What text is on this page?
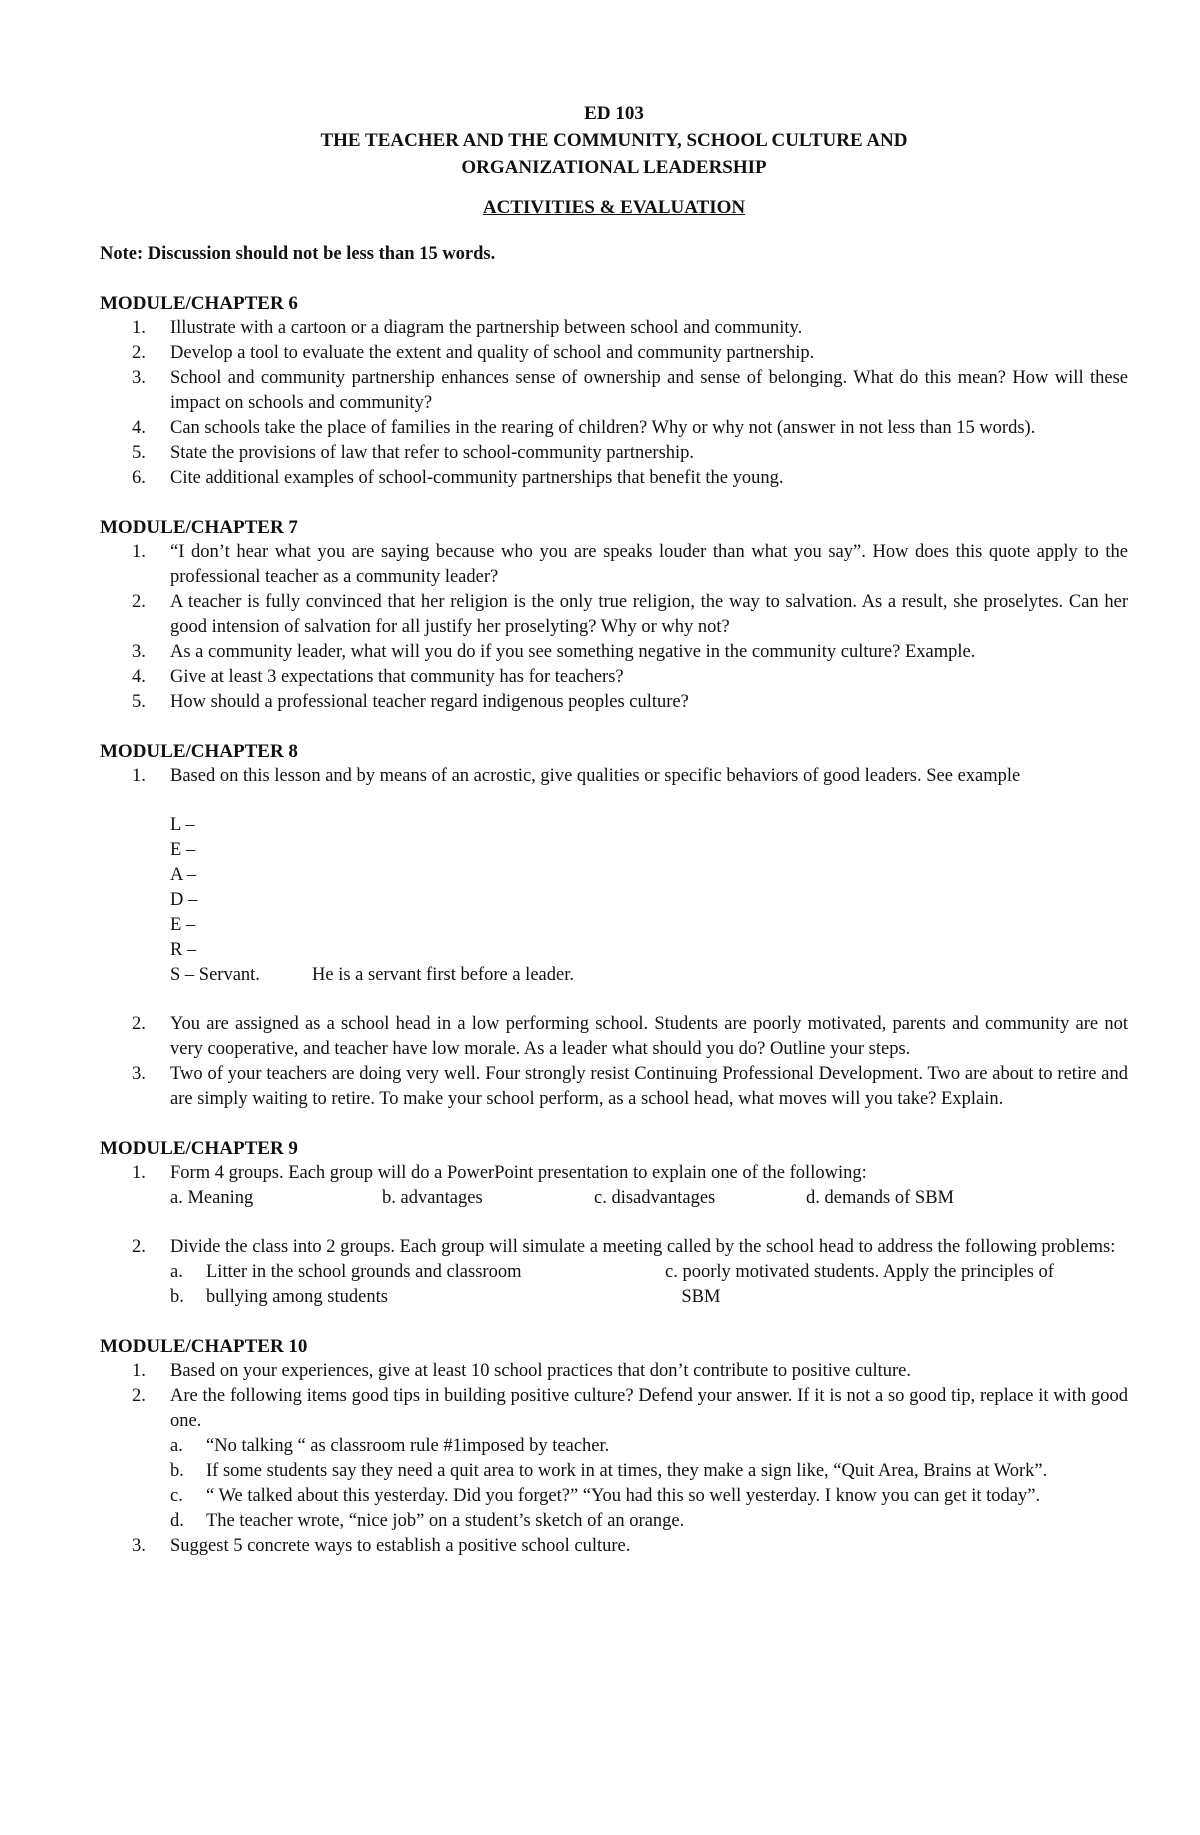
ED 103
THE TEACHER AND THE COMMUNITY, SCHOOL CULTURE AND
ORGANIZATIONAL LEADERSHIP
ACTIVITIES & EVALUATION
Note: Discussion should not be less than 15 words.
MODULE/CHAPTER 6
1.	Illustrate with a cartoon or a diagram the partnership between school and community.
2.	Develop a tool to evaluate the extent and quality of school and community partnership.
3.	School and community partnership enhances sense of ownership and sense of belonging. What do this mean? How will these impact on schools and community?
4.	Can schools take the place of families in the rearing of children? Why or why not (answer in not less than 15 words).
5.	State the provisions of law that refer to school-community partnership.
6.	Cite additional examples of school-community partnerships that benefit the young.
MODULE/CHAPTER 7
1.	“I don’t hear what you are saying because who you are speaks louder than what you say”. How does this quote apply to the professional teacher as a community leader?
2.	A teacher is fully convinced that her religion is the only true religion, the way to salvation. As a result, she proselytes. Can her good intension of salvation for all justify her proselyting? Why or why not?
3.	As a community leader, what will you do if you see something negative in the community culture? Example.
4.	Give at least 3 expectations that community has for teachers?
5.	How should a professional teacher regard indigenous peoples culture?
MODULE/CHAPTER 8
1.	Based on this lesson and by means of an acrostic, give qualities or specific behaviors of good leaders. See example
L –
E –
A –
D –
E –
R –
S – Servant.	He is a servant first before a leader.
2.	You are assigned as a school head in a low performing school. Students are poorly motivated, parents and community are not very cooperative, and teacher have low morale. As a leader what should you do? Outline your steps.
3.	Two of your teachers are doing very well. Four strongly resist Continuing Professional Development. Two are about to retire and are simply waiting to retire. To make your school perform, as a school head, what moves will you take? Explain.
MODULE/CHAPTER 9
1.	Form 4 groups. Each group will do a PowerPoint presentation to explain one of the following:
a. Meaning	b. advantages	c. disadvantages	d. demands of SBM
2.	Divide the class into 2 groups. Each group will simulate a meeting called by the school head to address the following problems:
a. Litter in the school grounds and classroom	c. poorly motivated students. Apply the principles of
b. bullying among students	SBM
MODULE/CHAPTER 10
1.	Based on your experiences, give at least 10 school practices that don’t contribute to positive culture.
2.	Are the following items good tips in building positive culture? Defend your answer. If it is not a so good tip, replace it with good one.
a. “No talking “ as classroom rule #1imposed by teacher.
b. If some students say they need a quit area to work in at times, they make a sign like, “Quit Area, Brains at Work”.
c. “ We talked about this yesterday. Did you forget?” “You had this so well yesterday. I know you can get it today”.
d. The teacher wrote, “nice job” on a student’s sketch of an orange.
3.	Suggest 5 concrete ways to establish a positive school culture.
